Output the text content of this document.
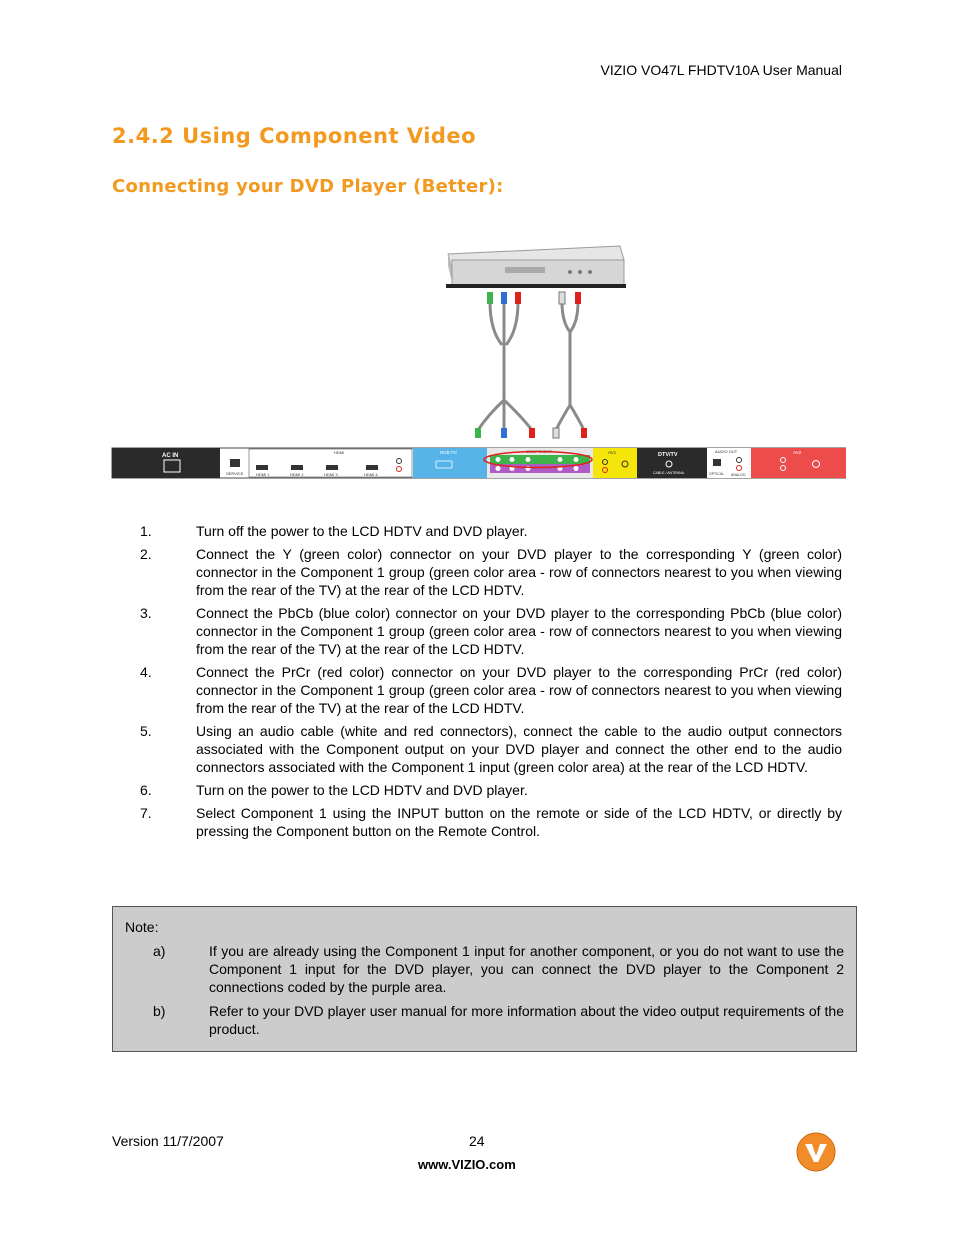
VIZIO VO47L FHDTV10A User Manual
2.4.2 Using Component Video
Connecting your DVD Player (Better):
AC IN
SERVICE
HDMI
HDMI 1	HDMI 2	HDMI 3	HDMI 4
RGB PC	COMPONENT	AV1	DTV/TV
CABLE / ANTENNA
AUDIO OUT
OPTICAL ANALOG
AV2
1.	Turn off the power to the LCD HDTV and DVD player.
2.	Connect the Y (green color) connector on your DVD player to the corresponding Y (green color) connector in the Component 1 group (green color area - row of connectors nearest to you when viewing from the rear of the TV) at the rear of the LCD HDTV.
3.	Connect the PbCb (blue color) connector on your DVD player to the corresponding PbCb (blue color) connector in the Component 1 group (green color area - row of connectors nearest to you when viewing from the rear of the TV) at the rear of the LCD HDTV.
4.	Connect the PrCr (red color) connector on your DVD player to the corresponding PrCr (red color) connector in the Component 1 group (green color area - row of connectors nearest to you when viewing from the rear of the TV) at the rear of the LCD HDTV.
5.	Using an audio cable (white and red connectors), connect the cable to the audio output connectors associated with the Component output on your DVD player and connect the other end to the audio connectors associated with the Component 1 input (green color area) at the rear of the LCD HDTV.
6.	Turn on the power to the LCD HDTV and DVD player.
7.	Select Component 1 using the INPUT button on the remote or side of the LCD HDTV, or directly by pressing the Component button on the Remote Control.
Note:
a)	If you are already using the Component 1 input for another component, or you do not want to use the Component 1 input for the DVD player, you can connect the DVD player to the Component 2 connections coded by the purple area.
b)	Refer to your DVD player user manual for more information about the video output requirements of the product.
Version 11/7/2007	24
www.VIZIO.com
